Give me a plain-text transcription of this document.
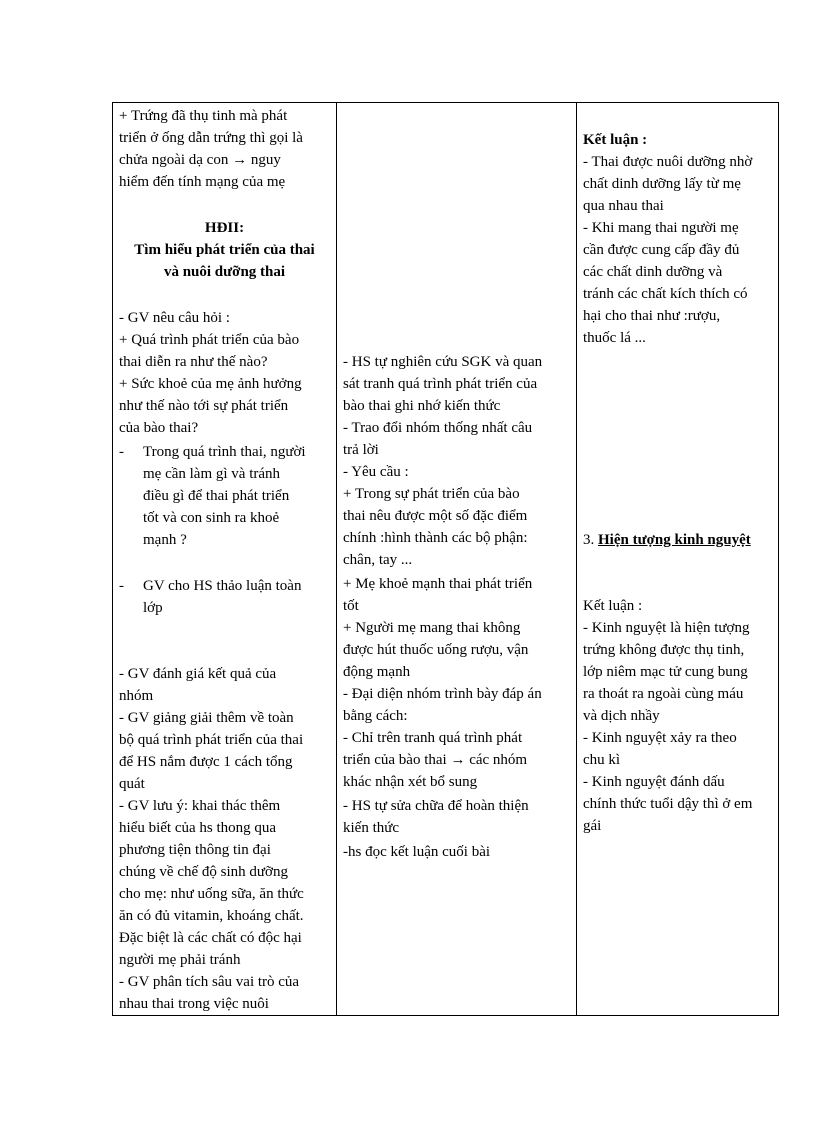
+ Trứng đã thụ tinh mà phát
triển ở ống dẫn trứng thì gọi là
chửa ngoài dạ con → nguy
hiểm đến tính mạng của mẹ
HĐII:
Tìm hiểu phát triển của thai
và nuôi dưỡng thai
- GV nêu câu hỏi :
+ Quá trình phát triển của bào
thai diễn ra như thế nào?
+ Sức khoẻ của mẹ ảnh hưởng
như thế nào tới sự phát triển
của bào thai?
- Trong quá trình thai, người
mẹ cần làm gì và tránh
điều gì để thai phát triển
tốt và con sinh ra khoẻ
mạnh ?
- GV cho HS thảo luận toàn
lớp
- GV đánh giá kết quả của
nhóm
- GV giảng giải thêm về toàn
bộ quá trình phát triển của thai
để HS nắm được 1 cách tổng
quát
- GV lưu ý: khai thác thêm
hiểu biết của hs thong qua
phương tiện thông tin đại
chúng về chế độ sinh dưỡng
cho mẹ: như uống sữa, ăn thức
ăn có đủ vitamin, khoáng chất.
Đặc biệt là các chất có độc hại
người mẹ phải tránh
- GV phân tích sâu vai trò của
nhau thai trong việc nuôi
- HS tự nghiên cứu SGK và quan
sát tranh quá trình phát triển của
bào thai ghi nhớ kiến thức
- Trao đổi nhóm thống nhất câu
trả lời
- Yêu cầu :
+ Trong sự phát triển của bào
thai nêu được một số đặc điểm
chính :hình thành các bộ phận:
chân, tay ...
+ Mẹ khoẻ mạnh thai phát triển
tốt
+ Người mẹ mang thai không
được hút thuốc uống rượu, vận
động mạnh
- Đại diện nhóm trình bày đáp án
bằng cách:
- Chỉ trên tranh quá trình phát
triển của bào thai → các nhóm
khác nhận xét bổ sung
- HS tự sửa chữa để hoàn thiện
kiến thức
-hs đọc kết luận cuối bài
Kết luận :
- Thai được nuôi dưỡng nhờ
chất dinh dưỡng lấy từ mẹ
qua nhau thai
- Khi mang thai người mẹ
cần được cung cấp đầy đủ
các chất dinh dưỡng và
tránh các chất kích thích có
hại cho thai như :rượu,
thuốc lá ...
3. Hiện tượng kinh nguyệt
Kết luận :
- Kinh nguyệt là hiện tượng
trứng không được thụ tinh,
lớp niêm mạc tử cung bung
ra thoát ra ngoài cùng máu
và dịch nhầy
- Kinh nguyệt xảy ra theo
chu kì
- Kinh nguyệt đánh dấu
chính thức tuổi dậy thì ở em
gái
